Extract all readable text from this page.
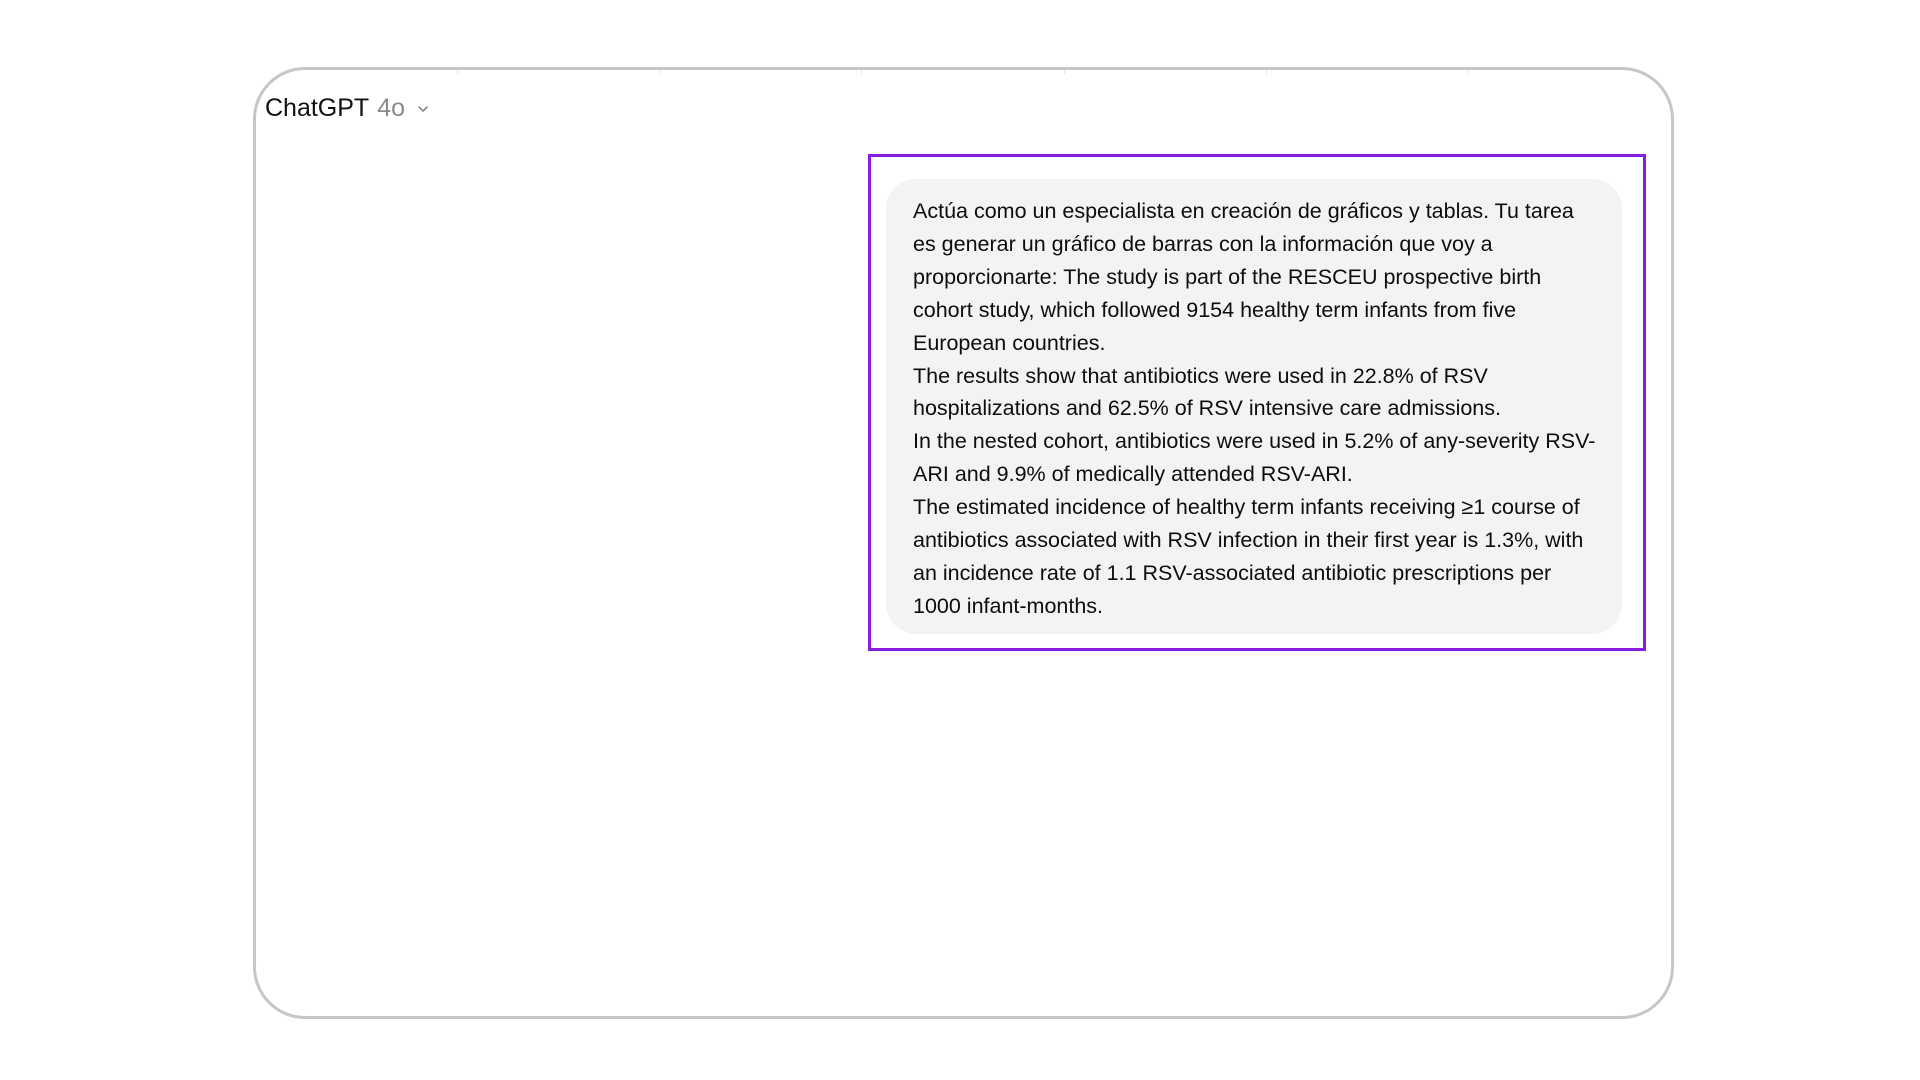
ChatGPT 4o

Actúa como un especialista en creación de gráficos y tablas. Tu tarea es generar un gráfico de barras con la información que voy a proporcionarte: The study is part of the RESCEU prospective birth cohort study, which followed 9154 healthy term infants from five European countries.

The results show that antibiotics were used in 22.8% of RSV hospitalizations and 62.5% of RSV intensive care admissions.

In the nested cohort, antibiotics were used in 5.2% of any-severity RSV-ARI and 9.9% of medically attended RSV-ARI.

The estimated incidence of healthy term infants receiving ≥1 course of antibiotics associated with RSV infection in their first year is 1.3%, with an incidence rate of 1.1 RSV-associated antibiotic prescriptions per 1000 infant-months.
